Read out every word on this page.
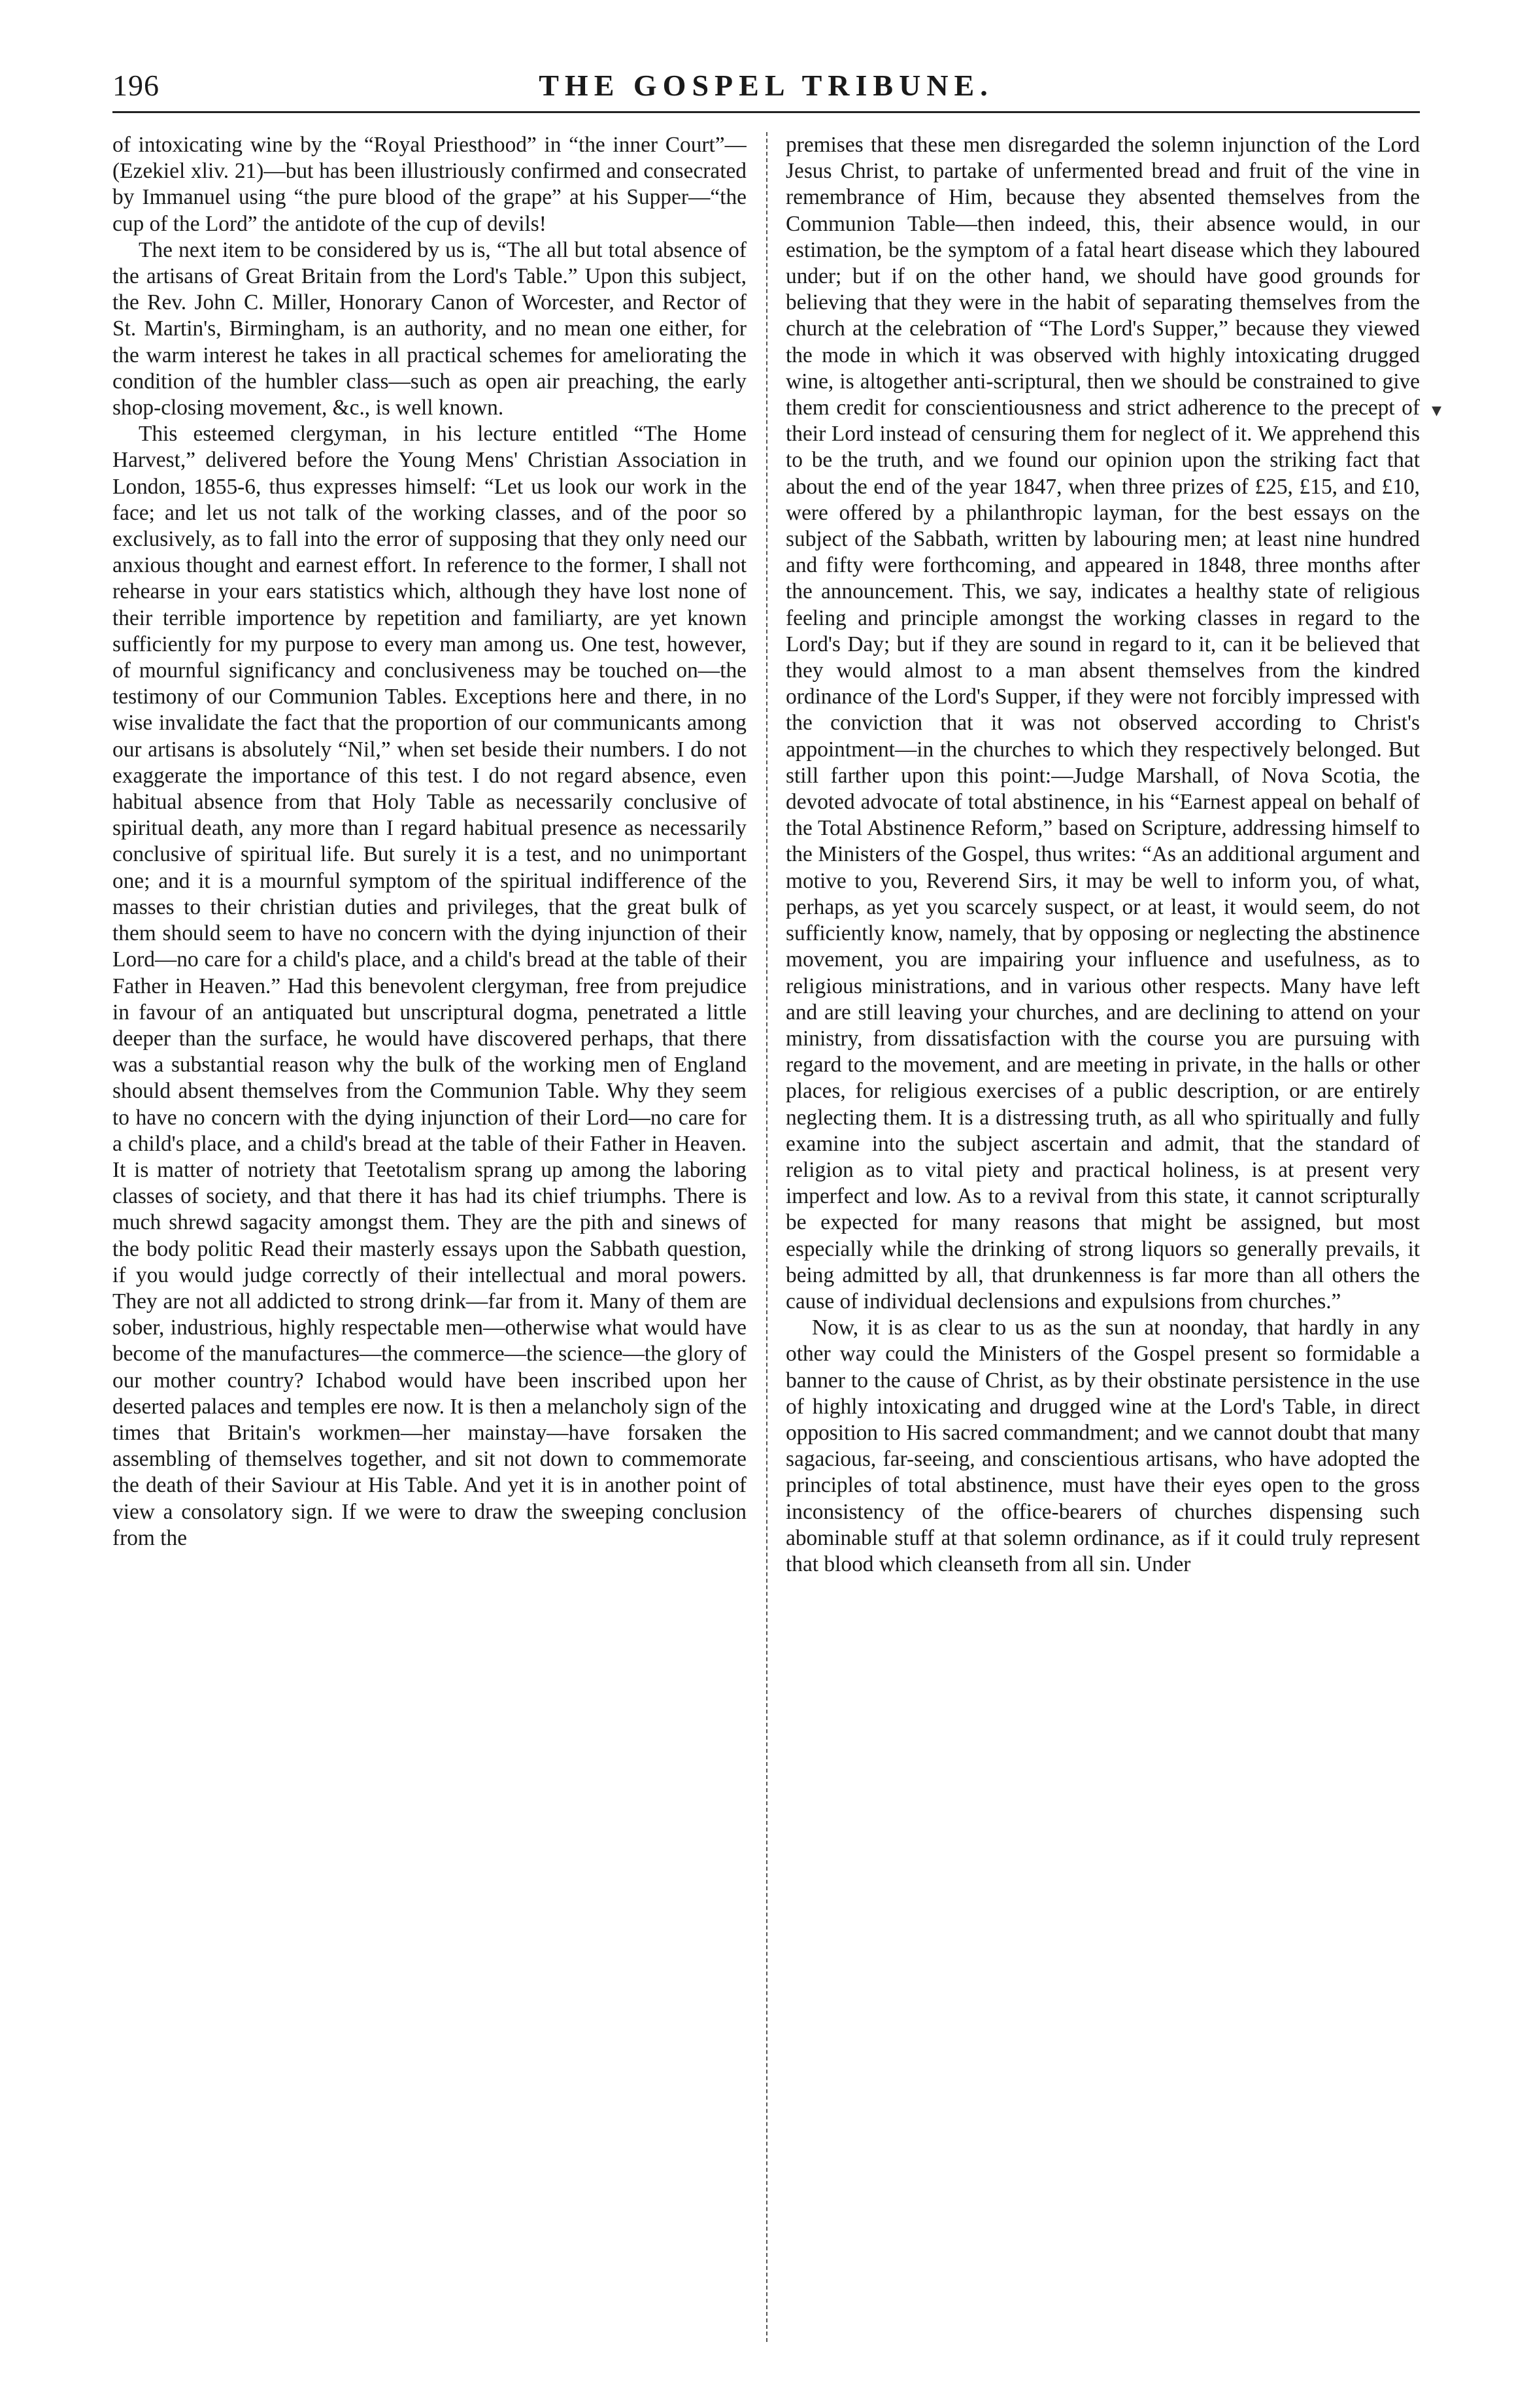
196	THE GOSPEL TRIBUNE.

of intoxicating wine by the “Royal Priesthood” in “the inner Court”—(Ezekiel xliv. 21)—but has been illustriously confirmed and consecrated by Immanuel using “the pure blood of the grape” at his Supper—“the cup of the Lord” the antidote of the cup of devils!

The next item to be considered by us is, “The all but total absence of the artisans of Great Britain from the Lord's Table.” Upon this subject, the Rev. John C. Miller, Honorary Canon of Worcester, and Rector of St. Martin's, Birmingham, is an authority, and no mean one either, for the warm interest he takes in all practical schemes for ameliorating the condition of the humbler class—such as open air preaching, the early shop-closing movement, &c., is well known.

This esteemed clergyman, in his lecture entitled “The Home Harvest,” delivered before the Young Mens' Christian Association in London, 1855-6, thus expresses himself: “Let us look our work in the face; and let us not talk of the working classes, and of the poor so exclusively, as to fall into the error of supposing that they only need our anxious thought and earnest effort. In reference to the former, I shall not rehearse in your ears statistics which, although they have lost none of their terrible importence by repetition and familiarty, are yet known sufficiently for my purpose to every man among us. One test, however, of mournful significancy and conclusiveness may be touched on—the testimony of our Communion Tables. Exceptions here and there, in no wise invalidate the fact that the proportion of our communicants among our artisans is absolutely “Nil,” when set beside their numbers. I do not exaggerate the importance of this test. I do not regard absence, even habitual absence from that Holy Table as necessarily conclusive of spiritual death, any more than I regard habitual presence as necessarily conclusive of spiritual life. But surely it is a test, and no unimportant one; and it is a mournful symptom of the spiritual indifference of the masses to their christian duties and privileges, that the great bulk of them should seem to have no concern with the dying injunction of their Lord—no care for a child's place, and a child's bread at the table of their Father in Heaven.” Had this benevolent clergyman, free from prejudice in favour of an antiquated but unscriptural dogma, penetrated a little deeper than the surface, he would have discovered perhaps, that there was a substantial reason why the bulk of the working men of England should absent themselves from the Communion Table. Why they seem to have no concern with the dying injunction of their Lord—no care for a child's place, and a child's bread at the table of their Father in Heaven. It is matter of notriety that Teetotalism sprang up among the laboring classes of society, and that there it has had its chief triumphs. There is much shrewd sagacity amongst them. They are the pith and sinews of the body politic Read their masterly essays upon the Sabbath question, if you would judge correctly of their intellectual and moral powers. They are not all addicted to strong drink—far from it. Many of them are sober, industrious, highly respectable men—otherwise what would have become of the manufactures—the commerce—the science—the glory of our mother country? Ichabod would have been inscribed upon her deserted palaces and temples ere now. It is then a melancholy sign of the times that Britain's workmen—her mainstay—have forsaken the assembling of themselves together, and sit not down to commemorate the death of their Saviour at His Table. And yet it is in another point of view a consolatory sign. If we were to draw the sweeping conclusion from the

premises that these men disregarded the solemn injunction of the Lord Jesus Christ, to partake of unfermented bread and fruit of the vine in remembrance of Him, because they absented themselves from the Communion Table—then indeed, this, their absence would, in our estimation, be the symptom of a fatal heart disease which they laboured under; but if on the other hand, we should have good grounds for believing that they were in the habit of separating themselves from the church at the celebration of “The Lord's Supper,” because they viewed the mode in which it was observed with highly intoxicating drugged wine, is altogether anti-scriptural, then we should be constrained to give them credit for conscientiousness and strict adherence to the precept of their Lord instead of censuring them for neglect of it. We apprehend this to be the truth, and we found our opinion upon the striking fact that about the end of the year 1847, when three prizes of £25, £15, and £10, were offered by a philanthropic layman, for the best essays on the subject of the Sabbath, written by labouring men; at least nine hundred and fifty were forthcoming, and appeared in 1848, three months after the announcement. This, we say, indicates a healthy state of religious feeling and principle amongst the working classes in regard to the Lord's Day; but if they are sound in regard to it, can it be believed that they would almost to a man absent themselves from the kindred ordinance of the Lord's Supper, if they were not forcibly impressed with the conviction that it was not observed according to Christ's appointment—in the churches to which they respectively belonged. But still farther upon this point:—Judge Marshall, of Nova Scotia, the devoted advocate of total abstinence, in his “Earnest appeal on behalf of the Total Abstinence Reform,” based on Scripture, addressing himself to the Ministers of the Gospel, thus writes: “As an additional argument and motive to you, Reverend Sirs, it may be well to inform you, of what, perhaps, as yet you scarcely suspect, or at least, it would seem, do not sufficiently know, namely, that by opposing or neglecting the abstinence movement, you are impairing your influence and usefulness, as to religious ministrations, and in various other respects. Many have left and are still leaving your churches, and are declining to attend on your ministry, from dissatisfaction with the course you are pursuing with regard to the movement, and are meeting in private, in the halls or other places, for religious exercises of a public description, or are entirely neglecting them. It is a distressing truth, as all who spiritually and fully examine into the subject ascertain and admit, that the standard of religion as to vital piety and practical holiness, is at present very imperfect and low. As to a revival from this state, it cannot scripturally be expected for many reasons that might be assigned, but most especially while the drinking of strong liquors so generally prevails, it being admitted by all, that drunkenness is far more than all others the cause of individual declensions and expulsions from churches.”

Now, it is as clear to us as the sun at noonday, that hardly in any other way could the Ministers of the Gospel present so formidable a banner to the cause of Christ, as by their obstinate persistence in the use of highly intoxicating and drugged wine at the Lord's Table, in direct opposition to His sacred commandment; and we cannot doubt that many sagacious, far-seeing, and conscientious artisans, who have adopted the principles of total abstinence, must have their eyes open to the gross inconsistency of the office-bearers of churches dispensing such abominable stuff at that solemn ordinance, as if it could truly represent that blood which cleanseth from all sin. Under

▾
